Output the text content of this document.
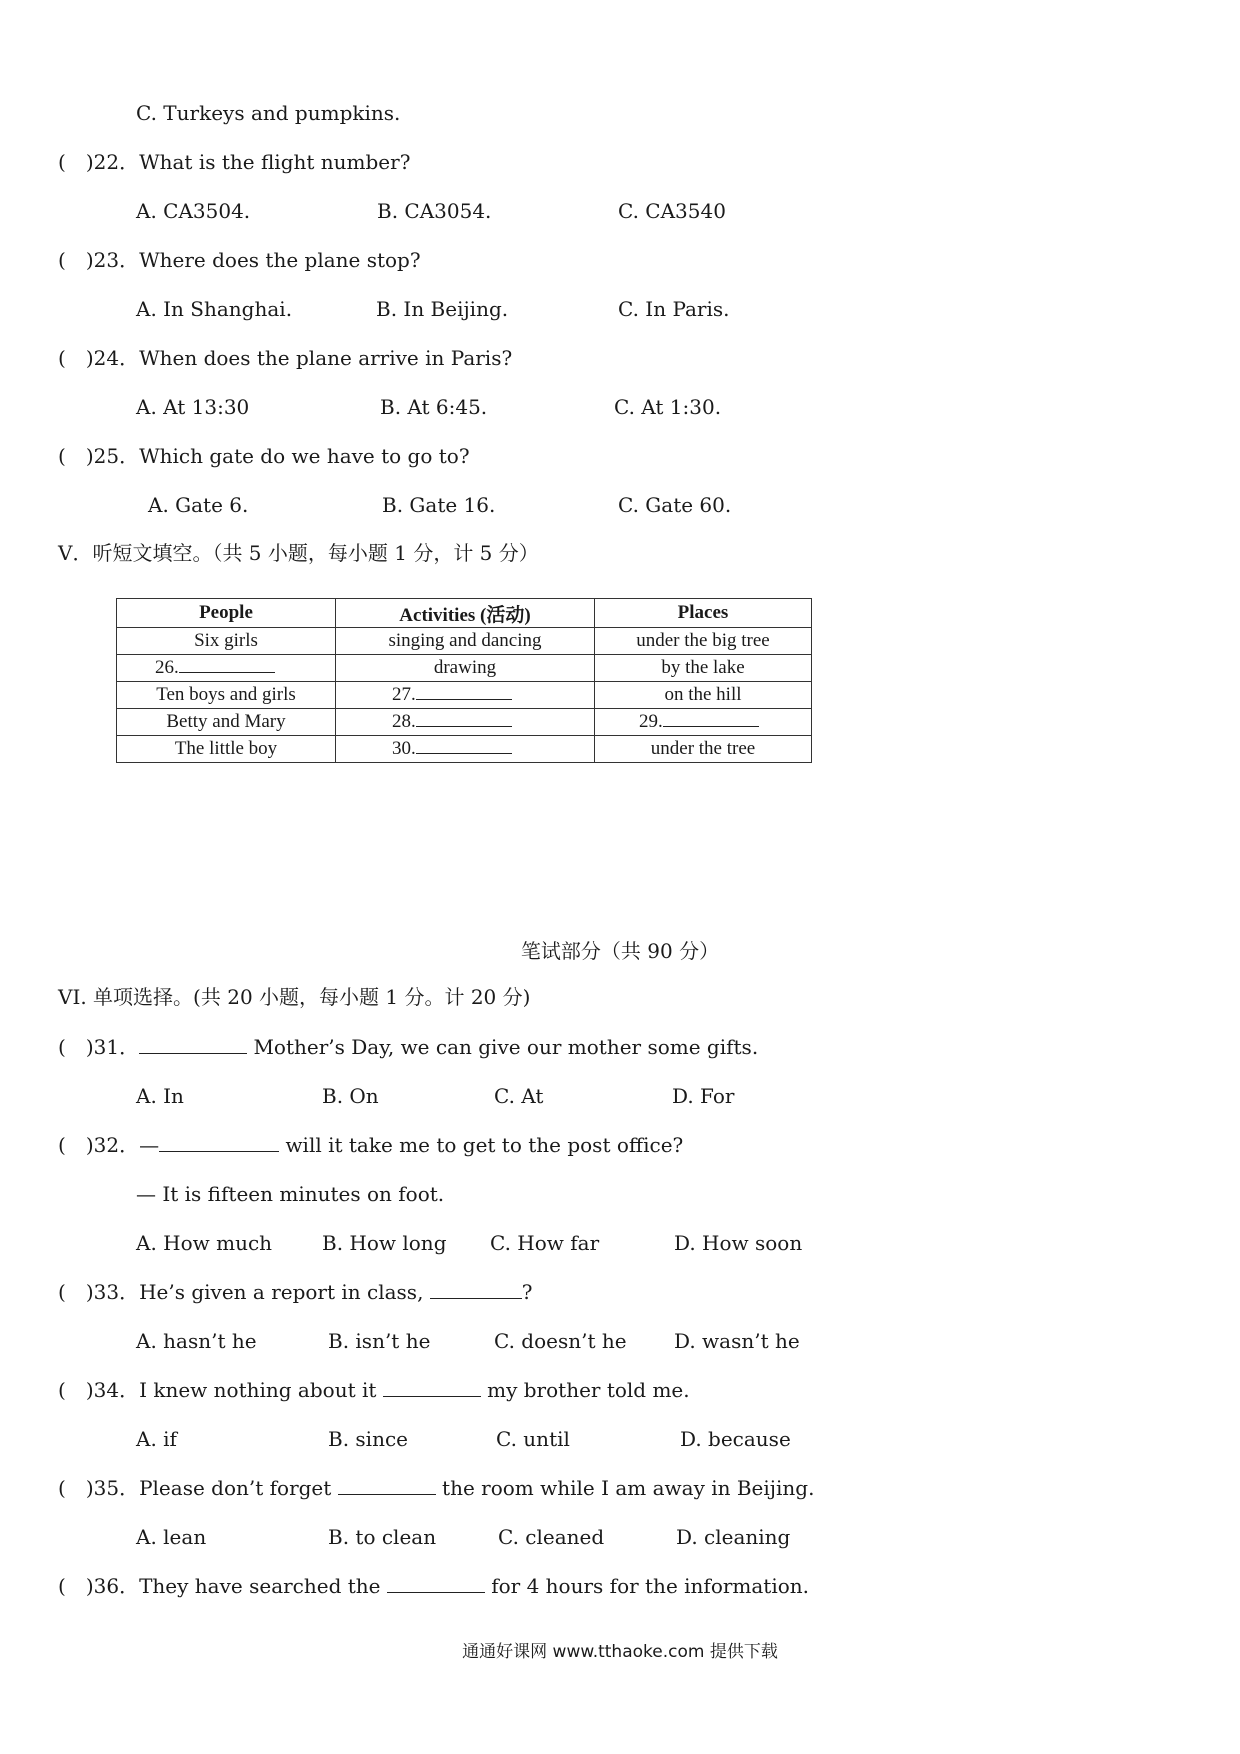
C. Turkeys and pumpkins.
( )22．What is the flight number?
A. CA3504.	B. CA3054.	C. CA3540
( )23．Where does the plane stop?
A. In Shanghai.	B. In Beijing.	C. In Paris.
( )24．When does the plane arrive in Paris?
A. At 13:30	B. At 6:45.	C. At 1:30.
( )25．Which gate do we have to go to?
A. Gate 6.	B. Gate 16.	C. Gate 60.
V．听短文填空。（共 5 小题，每小题 1 分，计 5 分）
People	Activities (活动)	Places
Six girls	singing and dancing	under the big tree
26.	drawing	by the lake
Ten boys and girls	27.	on the hill
Betty and Mary	28.	29.
The little boy	30.	under the tree
笔试部分（共 90 分）
VI. 单项选择。(共 20 小题，每小题 1 分。计 20 分)
( )31．	Mother’s Day, we can give our mother some gifts.
A. In	B. On	C. At	D. For
( )32．—	will it take me to get to the post office?
— It is fifteen minutes on foot.
A. How much B. How long C. How far	D. How soon
( )33．He’s given a report in class,	?
A. hasn’t he	B. isn’t he	C. doesn’t he D. wasn’t he
( )34．I knew nothing about it	my brother told me.
A. if	B. since	C. until	D. because
( )35．Please don’t forget	the room while I am away in Beijing.
A. lean	B. to clean	C. cleaned	D. cleaning
( )36．They have searched the	for 4 hours for the information.
通通好课网 www.tthaoke.com 提供下载
